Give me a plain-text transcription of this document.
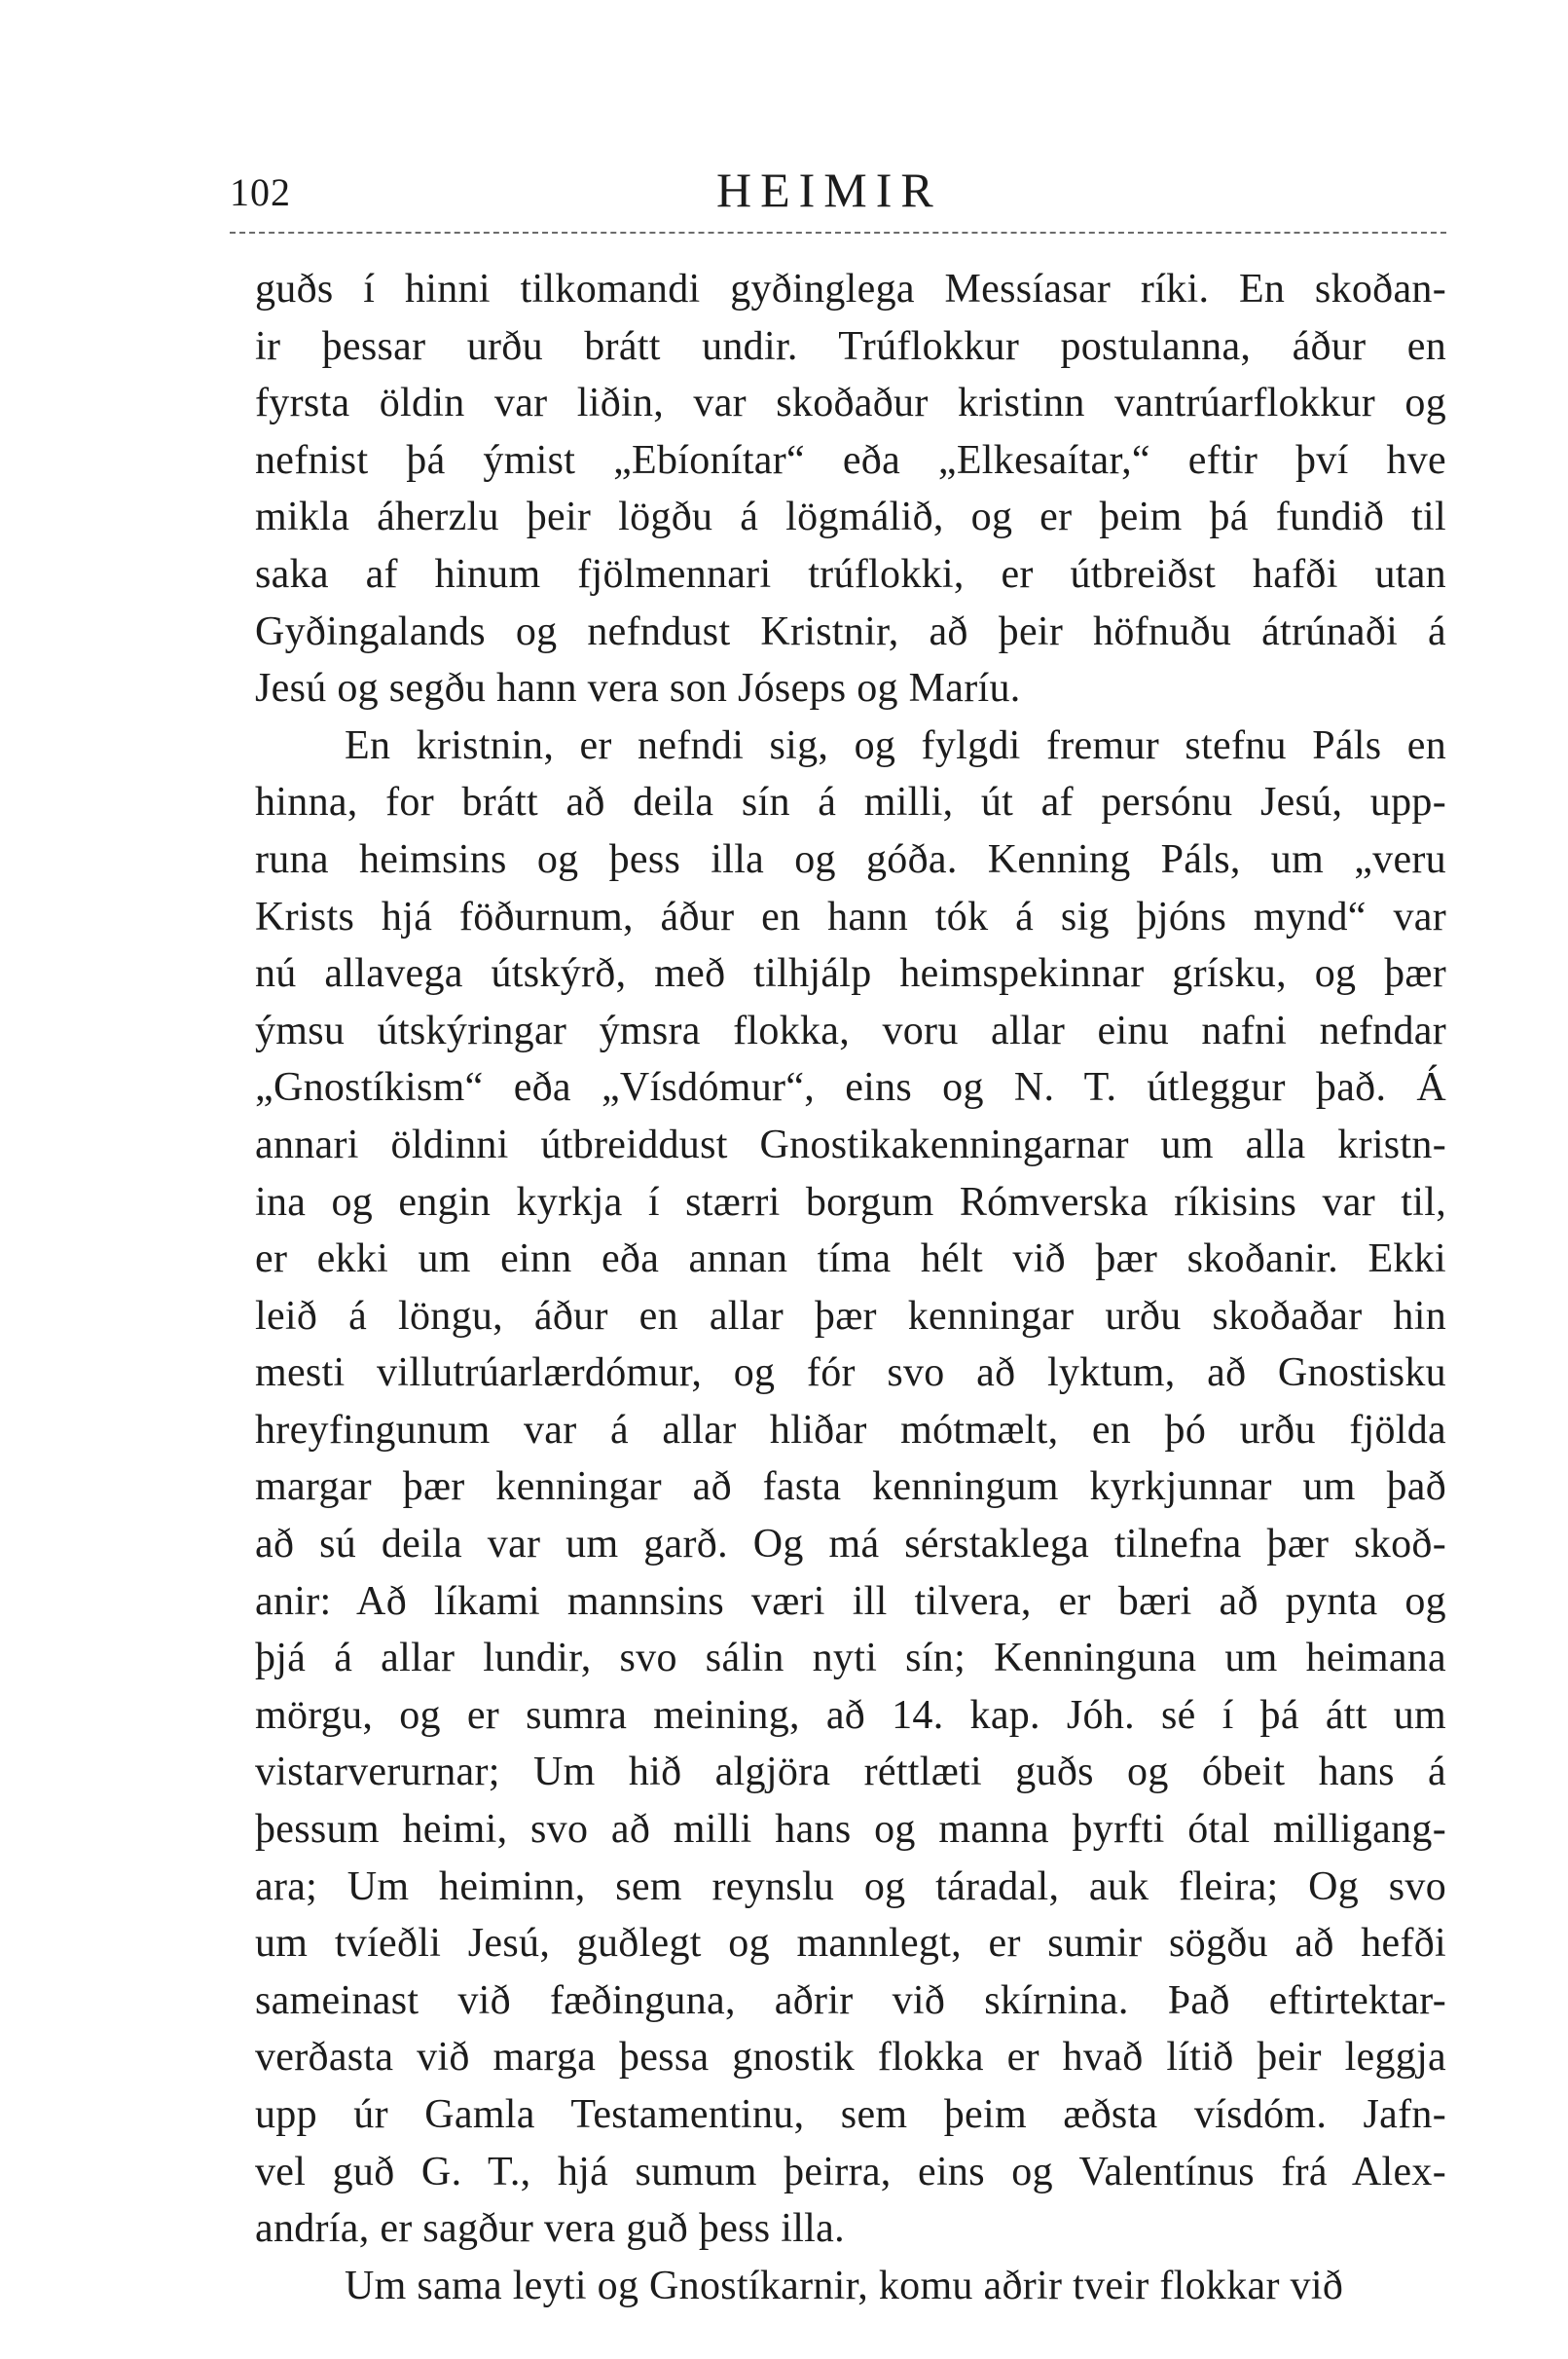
102	HEIMIR
guðs í hinni tilkomandi gyðinglega Messíasar ríki. En skoðan-
ir þessar urðu brátt undir. Trúflokkur postulanna, áður en
fyrsta öldin var liðin, var skoðaður kristinn vantrúarflokkur og
nefnist þá ýmist „Ebíonítar“ eða „Elkesaítar,“ eftir því hve
mikla áherzlu þeir lögðu á lögmálið, og er þeim þá fundið til
saka af hinum fjölmennari trúflokki, er útbreiðst hafði utan
Gyðingalands og nefndust Kristnir, að þeir höfnuðu átrúnaði á
Jesú og segðu hann vera son Jóseps og Maríu.
En kristnin, er nefndi sig, og fylgdi fremur stefnu Páls en
hinna, for brátt að deila sín á milli, út af persónu Jesú, upp-
runa heimsins og þess illa og góða. Kenning Páls, um „veru
Krists hjá föðurnum, áður en hann tók á sig þjóns mynd“ var
nú allavega útskýrð, með tilhjálp heimspekinnar grísku, og þær
ýmsu útskýringar ýmsra flokka, voru allar einu nafni nefndar
„Gnostíkism“ eða „Vísdómur“, eins og N. T. útleggur það. Á
annari öldinni útbreiddust Gnostikakenningarnar um alla kristn-
ina og engin kyrkja í stærri borgum Rómverska ríkisins var til,
er ekki um einn eða annan tíma hélt við þær skoðanir. Ekki
leið á löngu, áður en allar þær kenningar urðu skoðaðar hin
mesti villutrúarlærdómur, og fór svo að lyktum, að Gnostisku
hreyfingunum var á allar hliðar mótmælt, en þó urðu fjölda
margar þær kenningar að fasta kenningum kyrkjunnar um það
að sú deila var um garð. Og má sérstaklega tilnefna þær skoð-
anir: Að líkami mannsins væri ill tilvera, er bæri að pynta og
þjá á allar lundir, svo sálin nyti sín; Kenninguna um heimana
mörgu, og er sumra meining, að 14. kap. Jóh. sé í þá átt um
vistarverurnar; Um hið algjöra réttlæti guðs og óbeit hans á
þessum heimi, svo að milli hans og manna þyrfti ótal milligang-
ara; Um heiminn, sem reynslu og táradal, auk fleira; Og svo
um tvíeðli Jesú, guðlegt og mannlegt, er sumir sögðu að hefði
sameinast við fæðinguna, aðrir við skírnina. Það eftirtektar-
verðasta við marga þessa gnostik flokka er hvað lítið þeir leggja
upp úr Gamla Testamentinu, sem þeim æðsta vísdóm. Jafn-
vel guð G. T., hjá sumum þeirra, eins og Valentínus frá Alex-
andría, er sagður vera guð þess illa.
Um sama leyti og Gnostíkarnir, komu aðrir tveir flokkar við
